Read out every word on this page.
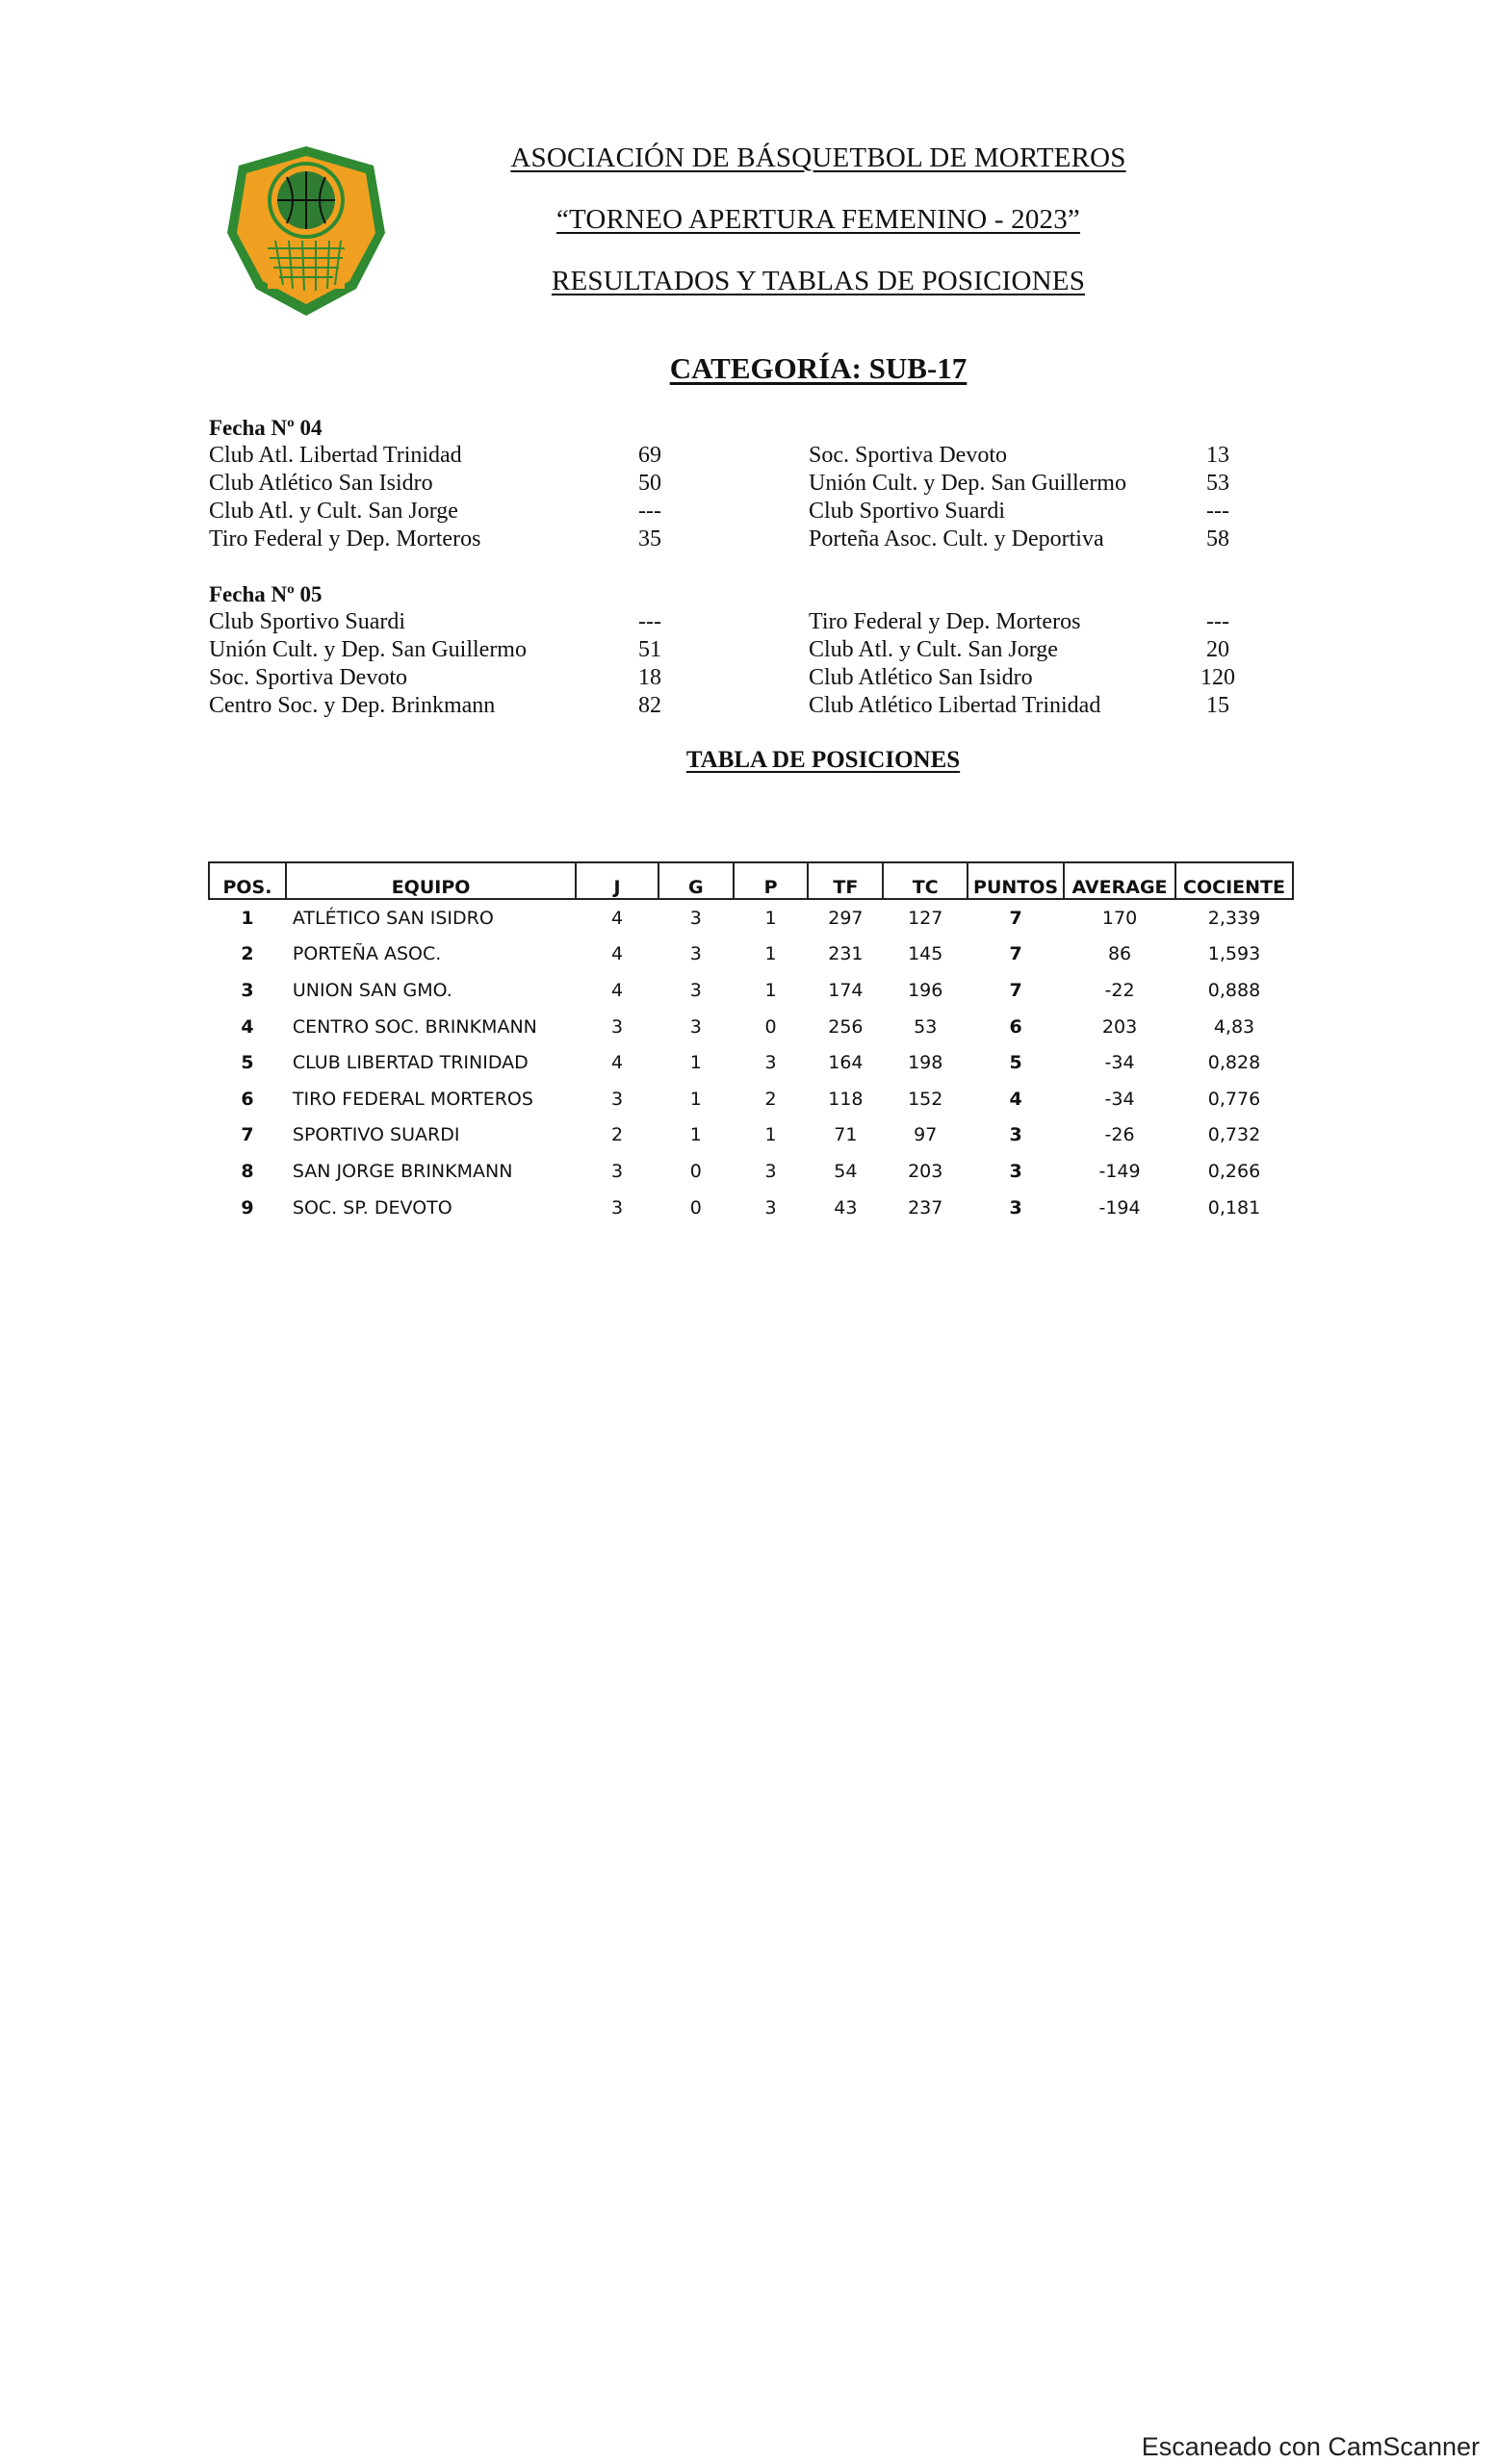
ASOCIACIÓN DE BÁSQUETBOL DE MORTEROS
“TORNEO APERTURA FEMENINO - 2023”
RESULTADOS Y TABLAS DE POSICIONES
CATEGORÍA: SUB-17
Fecha Nº 04
Club Atl. Libertad Trinidad	69	Soc. Sportiva Devoto	13
Club Atlético San Isidro	50	Unión Cult. y Dep. San Guillermo	53
Club Atl. y Cult. San Jorge	---	Club Sportivo Suardi	---
Tiro Federal y Dep. Morteros	35	Porteña Asoc. Cult. y Deportiva	58
Fecha Nº 05
Club Sportivo Suardi	---	Tiro Federal y Dep. Morteros	---
Unión Cult. y Dep. San Guillermo	51	Club Atl. y Cult. San Jorge	20
Soc. Sportiva Devoto	18	Club Atlético San Isidro	120
Centro Soc. y Dep. Brinkmann	82	Club Atlético Libertad Trinidad	15
TABLA DE POSICIONES
POS.	EQUIPO	J	G	P	TF	TC	PUNTOS	AVERAGE	COCIENTE
1	ATLÉTICO SAN ISIDRO	4	3	1	297	127	7	170	2,339
2	PORTEÑA ASOC.	4	3	1	231	145	7	86	1,593
3	UNION SAN GMO.	4	3	1	174	196	7	-22	0,888
4	CENTRO SOC. BRINKMANN	3	3	0	256	53	6	203	4,83
5	CLUB LIBERTAD TRINIDAD	4	1	3	164	198	5	-34	0,828
6	TIRO FEDERAL MORTEROS	3	1	2	118	152	4	-34	0,776
7	SPORTIVO SUARDI	2	1	1	71	97	3	-26	0,732
8	SAN JORGE BRINKMANN	3	0	3	54	203	3	-149	0,266
9	SOC. SP. DEVOTO	3	0	3	43	237	3	-194	0,181
Escaneado con CamScanner
